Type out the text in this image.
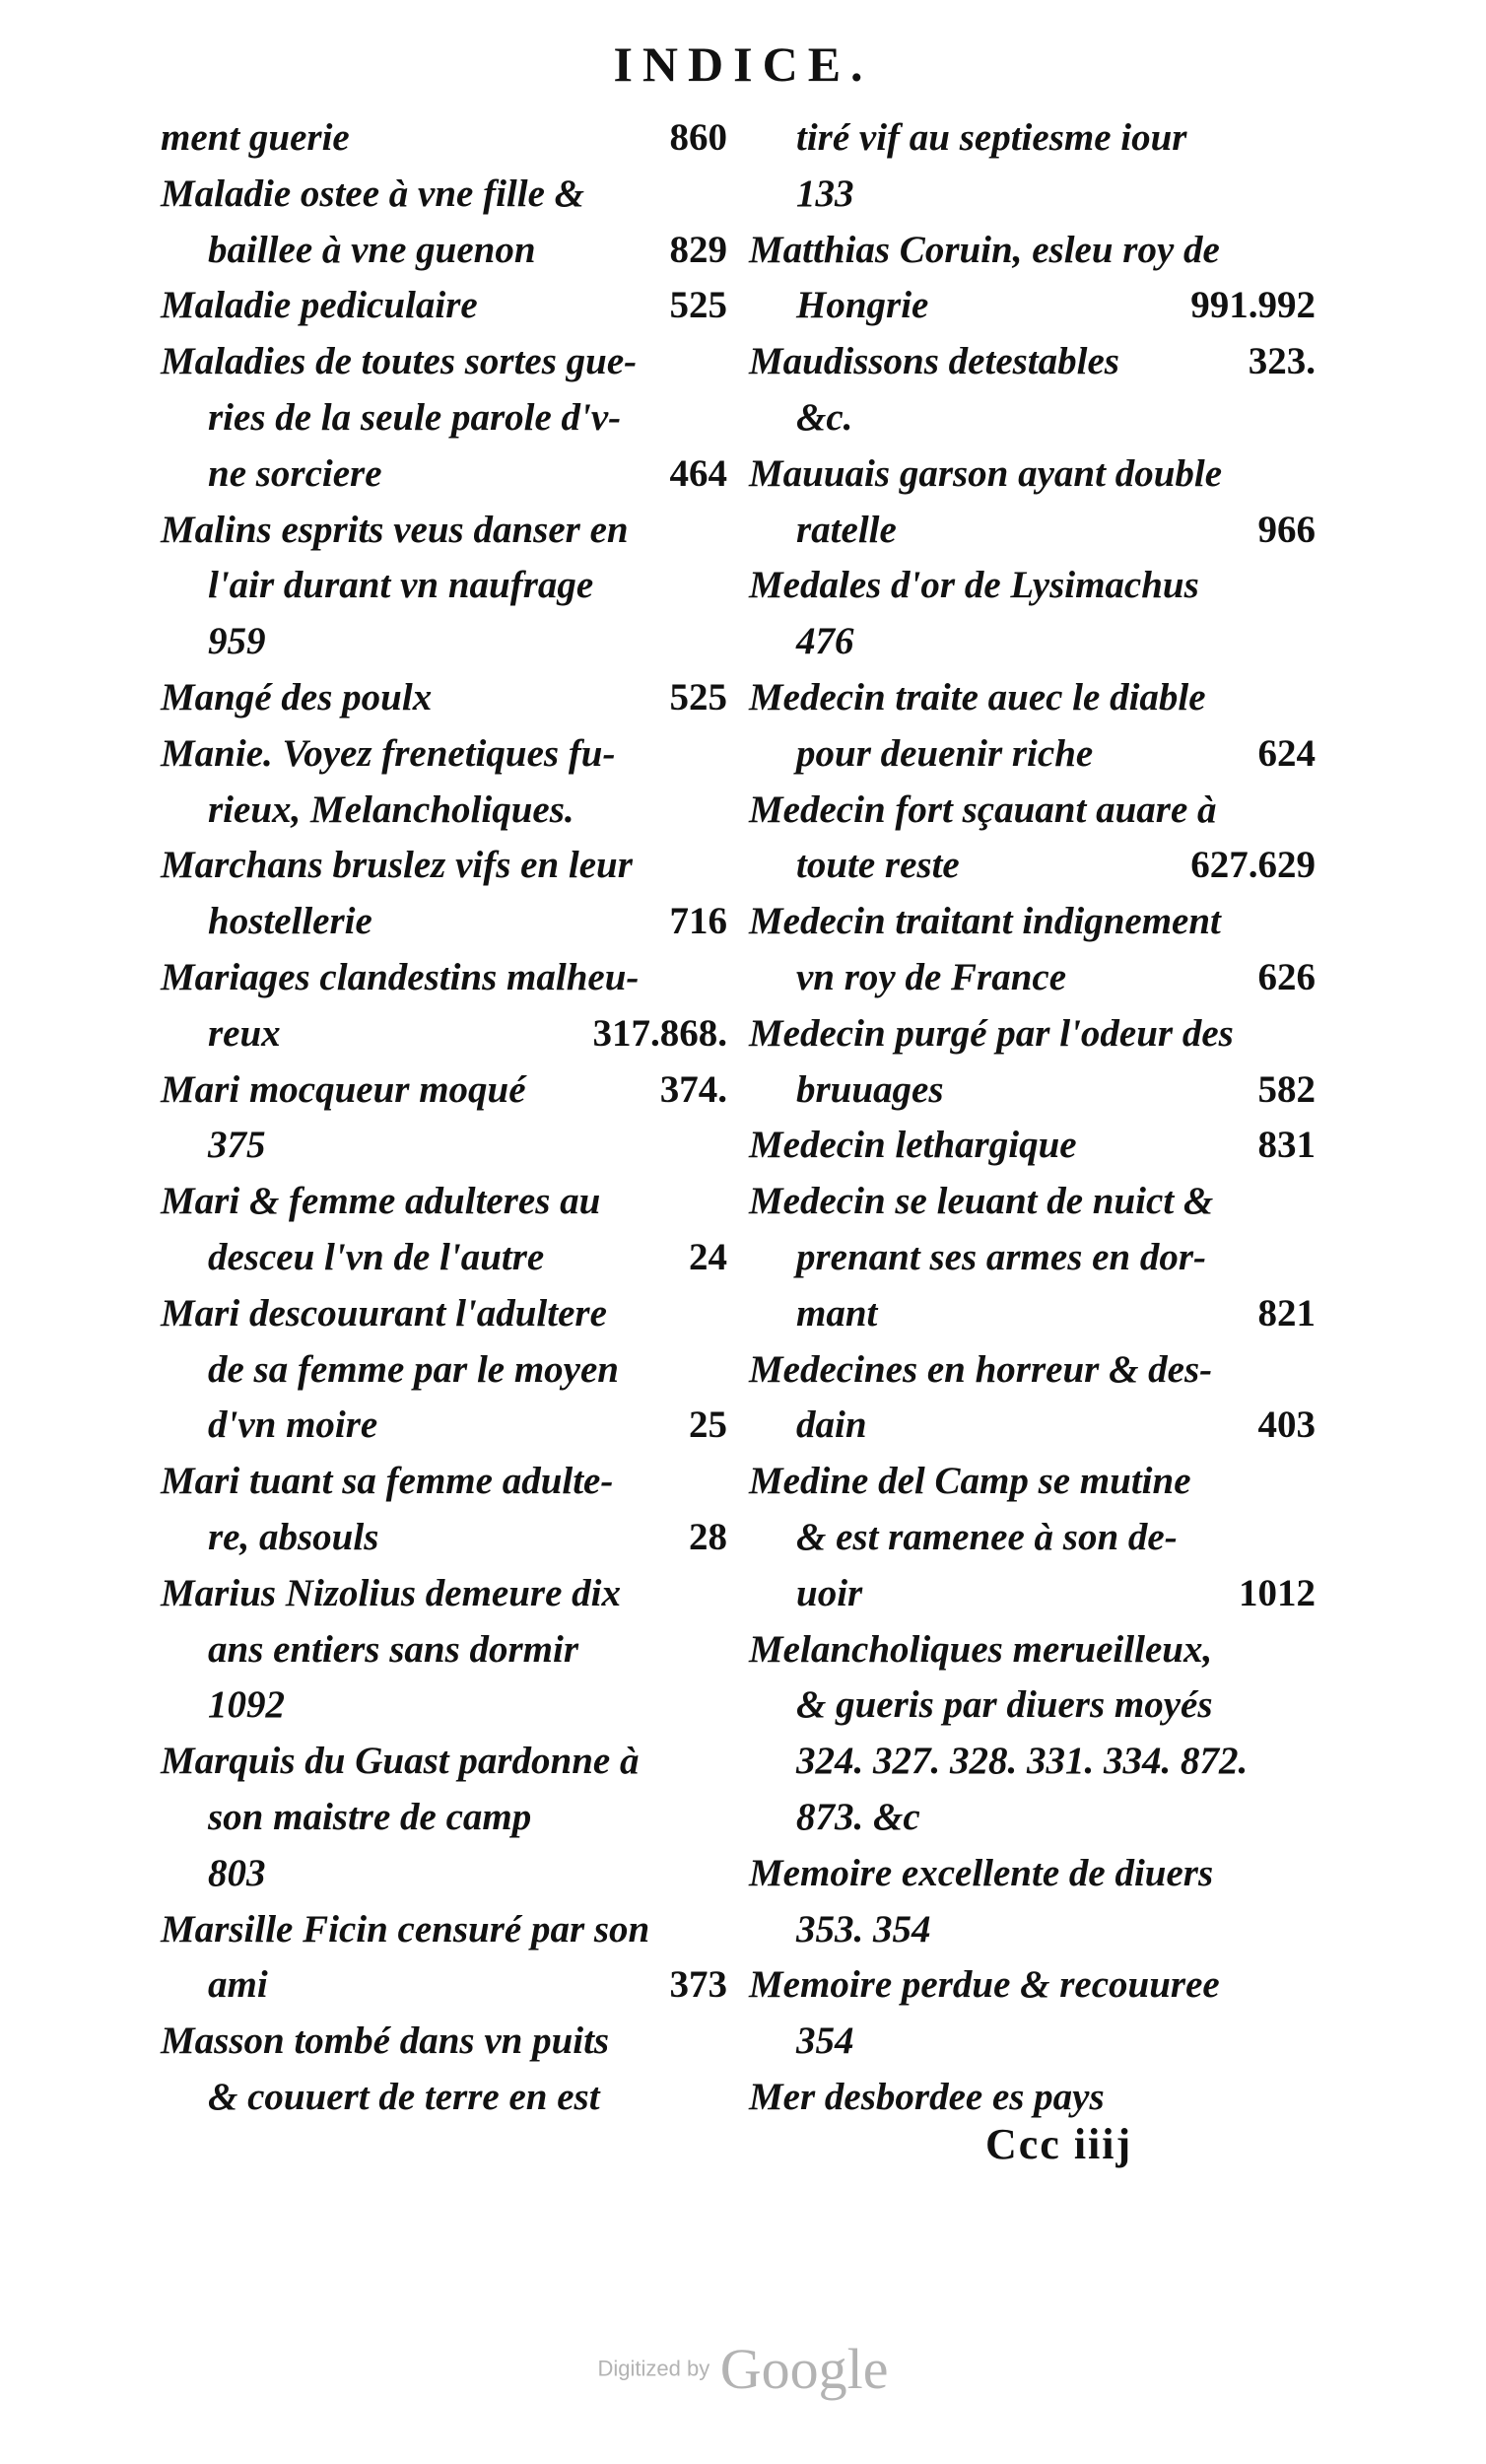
INDICE.
ment guerie	860
Maladie ostee à vne fille &
baillee à vne guenon	829
Maladie pediculaire	525
Maladies de toutes sortes gue-
ries de la seule parole d'v-
ne sorciere	464
Malins esprits veus danser en
l'air durant vn naufrage
959
Mangé des poulx	525
Manie. Voyez frenetiques fu-
rieux, Melancholiques.
Marchans bruslez vifs en leur
hostellerie	716
Mariages clandestins malheu-
reux	317.868.
Mari mocqueur moqué	374.
375
Mari & femme adulteres au
desceu l'vn de l'autre	24
Mari descouurant l'adultere
de sa femme par le moyen
d'vn moire	25
Mari tuant sa femme adulte-
re, absouls	28
Marius Nizolius demeure dix
ans entiers sans dormir
1092
Marquis du Guast pardonne à
son maistre de camp
803
Marsille Ficin censuré par son
ami	373
Masson tombé dans vn puits
& couuert de terre en est
tiré vif au septiesme iour
133
Matthias Coruin, esleu roy de
Hongrie	991.992
Maudissons detestables	323.
&c.
Mauuais garson ayant double
ratelle	966
Medales d'or de Lysimachus
476
Medecin traite auec le diable
pour deuenir riche	624
Medecin fort sçauant auare à
toute reste	627.629
Medecin traitant indignement
vn roy de France	626
Medecin purgé par l'odeur des
bruuages	582
Medecin lethargique	831
Medecin se leuant de nuict &
prenant ses armes en dor-
mant	821
Medecines en horreur & des-
dain	403
Medine del Camp se mutine
& est ramenee à son de-
uoir	1012
Melancholiques merueilleux,
& gueris par diuers moyés
324. 327. 328. 331. 334. 872.
873. &c
Memoire excellente de diuers
353. 354
Memoire perdue & recouuree
354
Mer desbordee es pays
Ccc iiij
Digitized by Google
